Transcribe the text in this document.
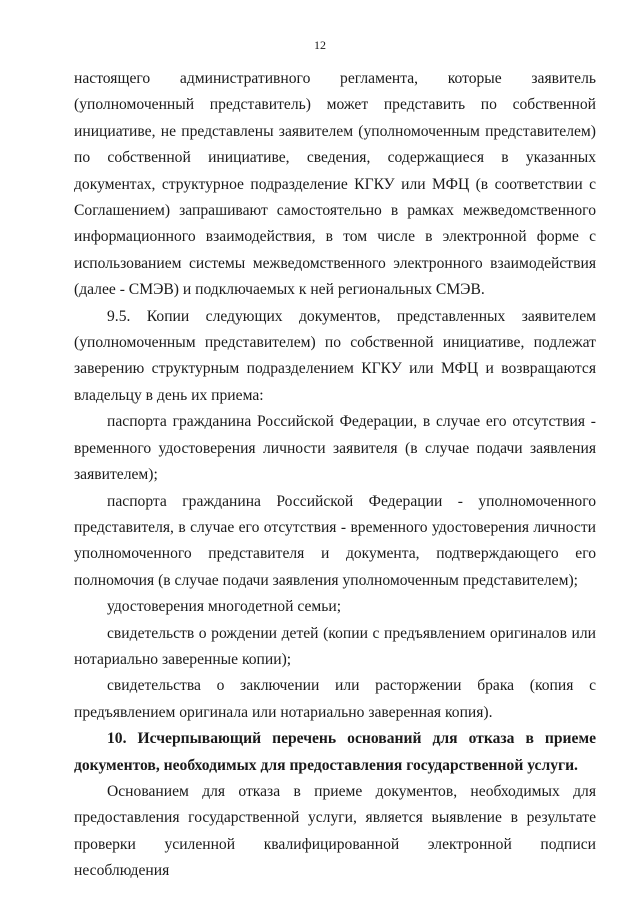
12

настоящего административного регламента, которые заявитель (уполномоченный представитель) может представить по собственной инициативе, не представлены заявителем (уполномоченным представителем) по собственной инициативе, сведения, содержащиеся в указанных документах, структурное подразделение КГКУ или МФЦ (в соответствии с Соглашением) запрашивают самостоятельно в рамках межведомственного информационного взаимодействия, в том числе в электронной форме с использованием системы межведомственного электронного взаимодействия (далее - СМЭВ) и подключаемых к ней региональных СМЭВ.

9.5. Копии следующих документов, представленных заявителем (уполномоченным представителем) по собственной инициативе, подлежат заверению структурным подразделением КГКУ или МФЦ и возвращаются владельцу в день их приема:

паспорта гражданина Российской Федерации, в случае его отсутствия - временного удостоверения личности заявителя (в случае подачи заявления заявителем);

паспорта гражданина Российской Федерации - уполномоченного представителя, в случае его отсутствия - временного удостоверения личности уполномоченного представителя и документа, подтверждающего его полномочия (в случае подачи заявления уполномоченным представителем);

удостоверения многодетной семьи;

свидетельств о рождении детей (копии с предъявлением оригиналов или нотариально заверенные копии);

свидетельства о заключении или расторжении брака (копия с предъявлением оригинала или нотариально заверенная копия).

10. Исчерпывающий перечень оснований для отказа в приеме документов, необходимых для предоставления государственной услуги.

Основанием для отказа в приеме документов, необходимых для предоставления государственной услуги, является выявление в результате проверки усиленной квалифицированной электронной подписи несоблюдения
